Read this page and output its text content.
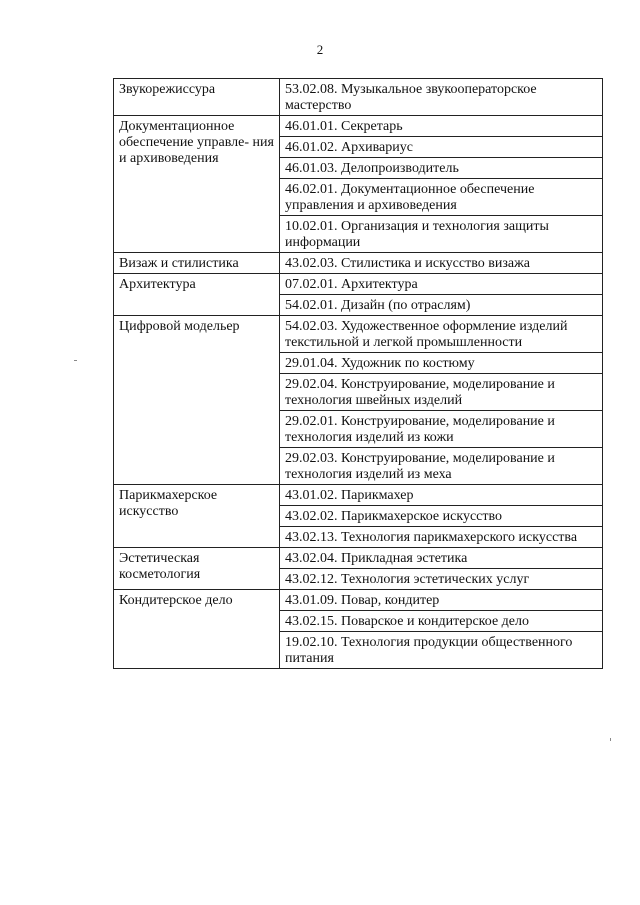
2
Звукорежиссура	53.02.08. Музыкальное звукооператорское мастерство
Документационное обеспечение управле- ния и архивоведения	46.01.01. Секретарь
	46.01.02. Архивариус
	46.01.03. Делопроизводитель
	46.02.01. Документационное обеспечение управления и архивоведения
	10.02.01. Организация и технология защиты информации
Визаж и стилистика	43.02.03. Стилистика и искусство визажа
Архитектура	07.02.01. Архитектура
	54.02.01. Дизайн (по отраслям)
Цифровой модельер	54.02.03. Художественное оформление изделий текстильной и легкой промышленности
	29.01.04. Художник по костюму
	29.02.04. Конструирование, моделирование и технология швейных изделий
	29.02.01. Конструирование, моделирование и технология изделий из кожи
	29.02.03. Конструирование, моделирование и технология изделий из меха
Парикмахерское искусство	43.01.02. Парикмахер
	43.02.02. Парикмахерское искусство
	43.02.13. Технология парикмахерского искусства
Эстетическая косметология	43.02.04. Прикладная эстетика
	43.02.12. Технология эстетических услуг
Кондитерское дело	43.01.09. Повар, кондитер
	43.02.15. Поварское и кондитерское дело
	19.02.10. Технология продукции общественного питания
